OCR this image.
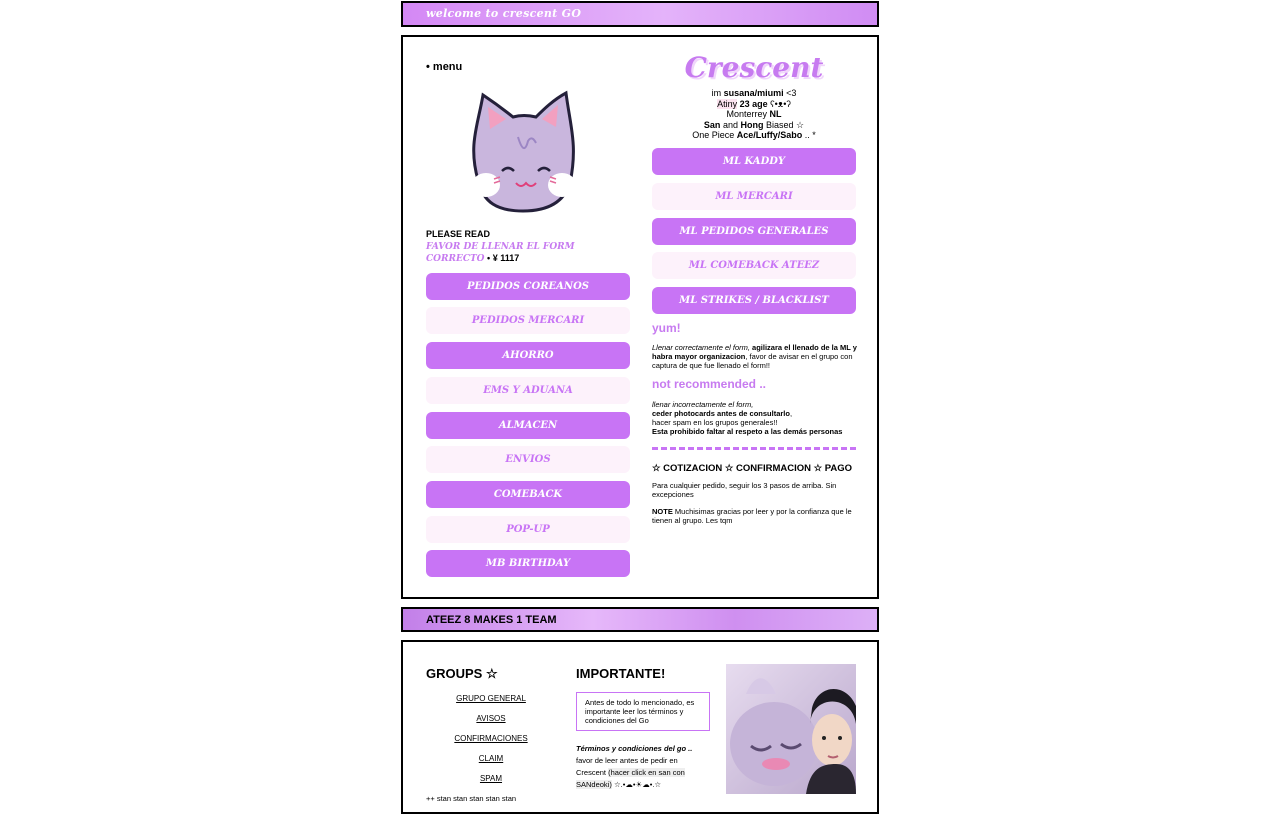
welcome to crescent GO
• menu
PLEASE READ
FAVOR DE LLENAR EL FORM CORRECTO • ¥ 1117
PEDIDOS COREANOS
PEDIDOS MERCARI
AHORRO
EMS Y ADUANA
ALMACEN
ENVIOS
COMEBACK
POP-UP
MB BIRTHDAY
Crescent
im susana/miumi <3
Atiny 23 age ʕ•ᴥ•ʔ
Monterrey NL
San and Hong Biased ☆
One Piece Ace/Luffy/Sabo .. *
ML KADDY
ML MERCARI
ML PEDIDOS GENERALES
ML COMEBACK ATEEZ
ML STRIKES / BLACKLIST
yum!
Llenar correctamente el form, agilizara el llenado de la ML y habra mayor organizacion, favor de avisar en el grupo con captura de que fue llenado el form!!
not recommended ..
llenar incorrectamente el form,
ceder photocards antes de consultarlo,
hacer spam en los grupos generales!!
Esta prohibido faltar al respeto a las demás personas
☆ COTIZACION ☆ CONFIRMACION ☆ PAGO
Para cualquier pedido, seguir los 3 pasos de arriba. Sin excepciones
NOTE Muchisimas gracias por leer y por la confianza que le tienen al grupo. Les tqm
ATEEZ 8 MAKES 1 TEAM
GROUPS ☆
GRUPO GENERAL
AVISOS
CONFIRMACIONES
CLAIM
SPAM
++ stan stan stan stan stan
IMPORTANTE!
Antes de todo lo mencionado, es importante leer los términos y condiciones del Go
Términos y condiciones del go ..
favor de leer antes de pedir en Crescent (hacer click en san con SANdeoki) ☆.•☁•☀☁•.☆
